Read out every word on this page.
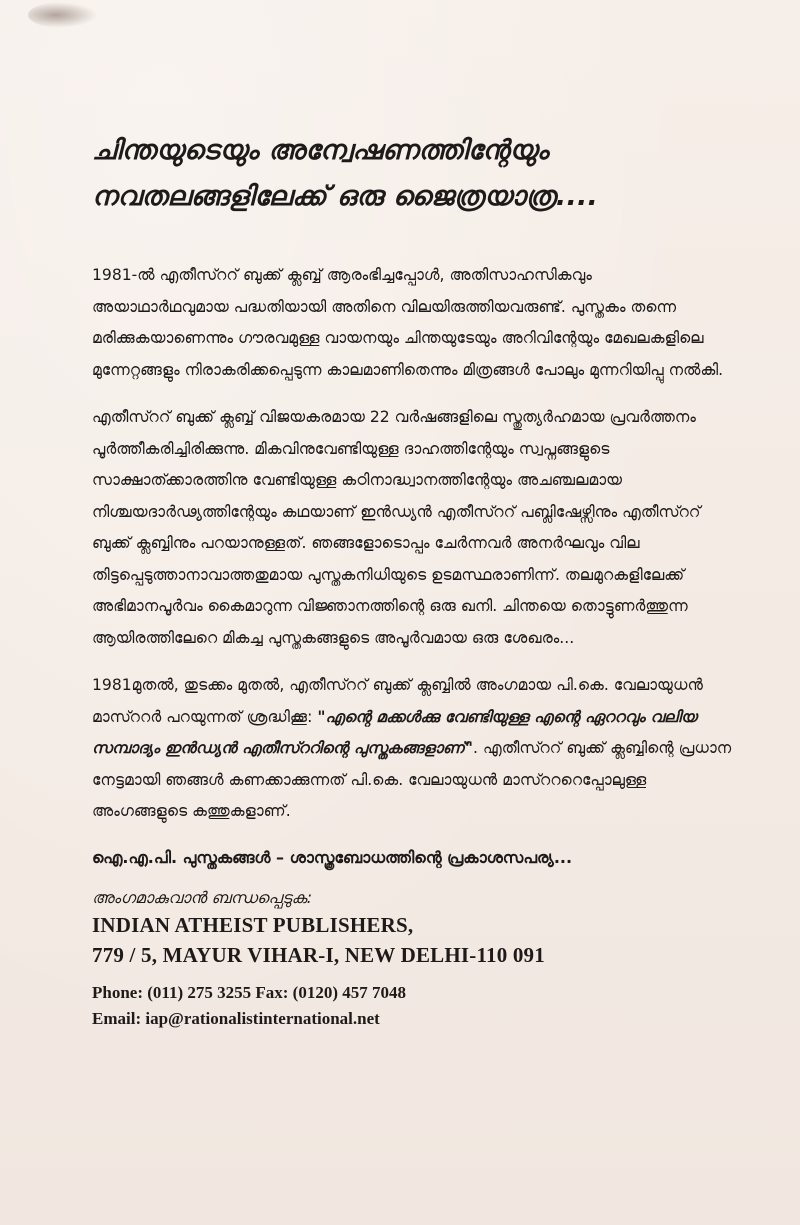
ചിന്തയുടെയും അന്വേഷണത്തിന്റേയും
നവതലങ്ങളിലേക്ക് ഒരു ജൈത്രയാത്ര....

1981-ൽ എതീസ്ററ് ബുക്ക് ക്ലബ്ബ് ആരംഭിച്ചപ്പോൾ, അതിസാഹസികവും അയാഥാർഥവുമായ പദ്ധതിയായി അതിനെ വിലയിരുത്തിയവരുണ്ട്. പുസ്തകം തന്നെ മരിക്കുകയാണെന്നും ഗൗരവമുള്ള വായനയും ചിന്തയുടേയും അറിവിന്റേയും മേഖലകളിലെ മുന്നേറ്റങ്ങളും നിരാകരിക്കപ്പെടുന്ന കാലമാണിതെന്നും മിത്രങ്ങൾ പോലും മുന്നറിയിപ്പു നൽകി.

എതീസ്ററ് ബുക്ക് ക്ലബ്ബ് വിജയകരമായ 22 വർഷങ്ങളിലെ സ്തുത്യർഹമായ പ്രവർത്തനം പൂർത്തീകരിച്ചിരിക്കുന്നു. മികവിനുവേണ്ടിയുള്ള ദാഹത്തിന്റേയും സ്വപ്നങ്ങളുടെ സാക്ഷാത്ക്കാരത്തിനു വേണ്ടിയുള്ള കഠിനാദ്ധ്വാനത്തിന്റേയും അചഞ്ചലമായ നിശ്ചയദാർഢ്യത്തിന്റേയും കഥയാണ് ഇൻഡ്യൻ എതീസ്ററ് പബ്ലിഷേഴ്സിനും എതീസ്ററ് ബുക്ക് ക്ലബ്ബിനും പറയാനുള്ളത്. ഞങ്ങളോടൊപ്പം ചേർന്നവർ അനർഘവും വില തിട്ടപ്പെടുത്താനാവാത്തതുമായ പുസ്തകനിധിയുടെ ഉടമസ്ഥരാണിന്ന്. തലമുറകളിലേക്ക് അഭിമാനപൂർവം കൈമാറുന്ന വിജ്ഞാനത്തിന്റെ ഒരു ഖനി. ചിന്തയെ തൊട്ടുണർത്തുന്ന ആയിരത്തിലേറെ മികച്ച പുസ്തകങ്ങളുടെ അപൂർവമായ ഒരു ശേഖരം...

1981മുതൽ, തുടക്കം മുതൽ, എതീസ്ററ് ബുക്ക് ക്ലബ്ബിൽ അംഗമായ പി.കെ. വേലായുധൻ മാസ്ററർ പറയുന്നത് ശ്രദ്ധിക്കൂ: "എന്റെ മക്കൾക്കു വേണ്ടിയുള്ള എന്റെ ഏററവും വലിയ സമ്പാദ്യം ഇൻഡ്യൻ എതീസ്ററിന്റെ പുസ്തകങ്ങളാണ്". എതീസ്ററ് ബുക്ക് ക്ലബ്ബിന്റെ പ്രധാന നേട്ടമായി ഞങ്ങൾ കണക്കാക്കുന്നത് പി.കെ. വേലായുധൻ മാസ്റററെപ്പോലുള്ള അംഗങ്ങളുടെ കത്തുകളാണ്.

ഐ.എ.പി. പുസ്തകങ്ങൾ – ശാസ്ത്രബോധത്തിന്റെ പ്രകാശസപര്യ...
അംഗമാകുവാൻ ബന്ധപ്പെടുക:
INDIAN ATHEIST PUBLISHERS,
779 / 5, MAYUR VIHAR-I, NEW DELHI-110 091
Phone: (011) 275 3255 Fax: (0120) 457 7048
Email: iap@rationalistinternational.net
